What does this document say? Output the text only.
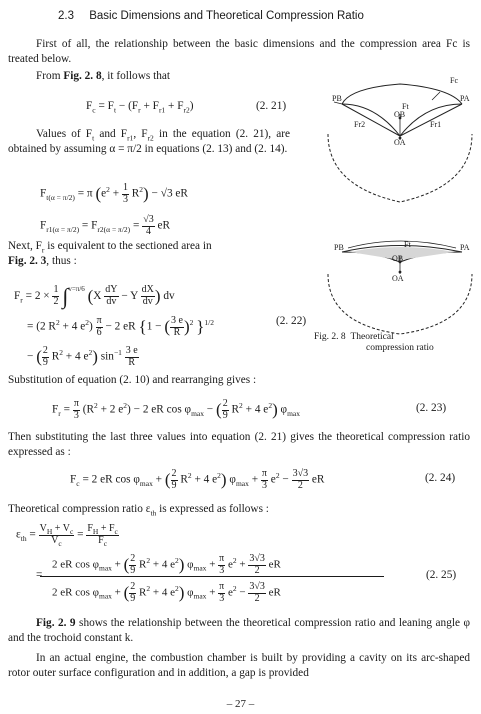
2.3 Basic Dimensions and Theoretical Compression Ratio
First of all, the relationship between the basic dimensions and the compression area Fc is treated below.
From Fig. 2. 8, it follows that
$F_c = F_t - (F_r + F_{r1} + F_{r2})$	(2. 21)
Values of $F_t$ and $F_{r1}$, $F_{r2}$ in the equation (2. 21), are obtained by assuming α = π/2 in equations (2. 13) and (2. 14).
$F_{t(\alpha = \pi/2)} = \pi$ $(e^2 + \frac{1}{3} R^2) - √3$ eR
$F_{r1(\alpha = \pi/2)} = F_{r2(\alpha = \pi/2)} = \frac{√3}{4}$ eR
Next, $F_r$ is equivalent to the sectioned area in
Fig. 2. 3, thus :
$F_r = 2 \times \frac{1}{2} \int^{v=\pi/6}$ ($X \frac{dY}{dv} - Y \frac{dX}{dv}$ ) dv
= (2 $R^2 + 4$ $e^2) \frac{\pi}{6} - 2$ eR {1 − ( $\frac{3 e}{R} )^2$ }$^{1/2}$	(2. 22)
− ( $\frac{2}{9} R^2 + 4$ $e^2$) $\sin^{-1} \frac{3 e}{R}$
Fc
PB	PA
Ft
OB
Fr2	Fr1
OA
PB	PA
Ft
OB
OA
Fig. 2. 8 Theoretical
compression ratio
Substitution of equation (2. 10) and rearranging gives :
$F_r = \frac{\pi}{3} (R^2 + 2$ $e^2) - 2$ eR $\cos \varphi_{max}$ − ( $\frac{2}{9} R^2 + 4$ $e^2$) $\varphi_{max}$	(2. 23)
Then substituting the last three values into equation (2. 21) gives the theoretical compression ratio expressed as :
$F_c = 2$ eR $\cos \varphi_{max}$ + ( $\frac{2}{9} R^2 + 4$ $e^2$) $\varphi_{max} + \frac{\pi}{3} e^2 - \frac{3√3}{2}$ eR	(2. 24)
Theoretical compression ratio $\varepsilon_{th}$ is expressed as follows :
$\varepsilon_{th} = \frac{V_H + V_c}{V_c} = \frac{F_H + F_c}{F_c}$
2 eR $\cos \varphi_{max}$ + ( $\frac{2}{9} R^2 + 4$ $e^2$) $\varphi_{max} + \frac{\pi}{3} e^2 + \frac{3√3}{2}$ eR
=
2 eR $\cos \varphi_{max}$ + ( $\frac{2}{9} R^2 + 4$ $e^2$) $\varphi_{max} + \frac{\pi}{3} e^2 - \frac{3√3}{2}$ eR
(2. 25)
Fig. 2. 9 shows the relationship between the theoretical compression ratio and leaning angle φ and the trochoid constant k.
In an actual engine, the combustion chamber is built by providing a cavity on its arc-shaped rotor outer surface configuration and in addition, a gap is provided
– 27 –
